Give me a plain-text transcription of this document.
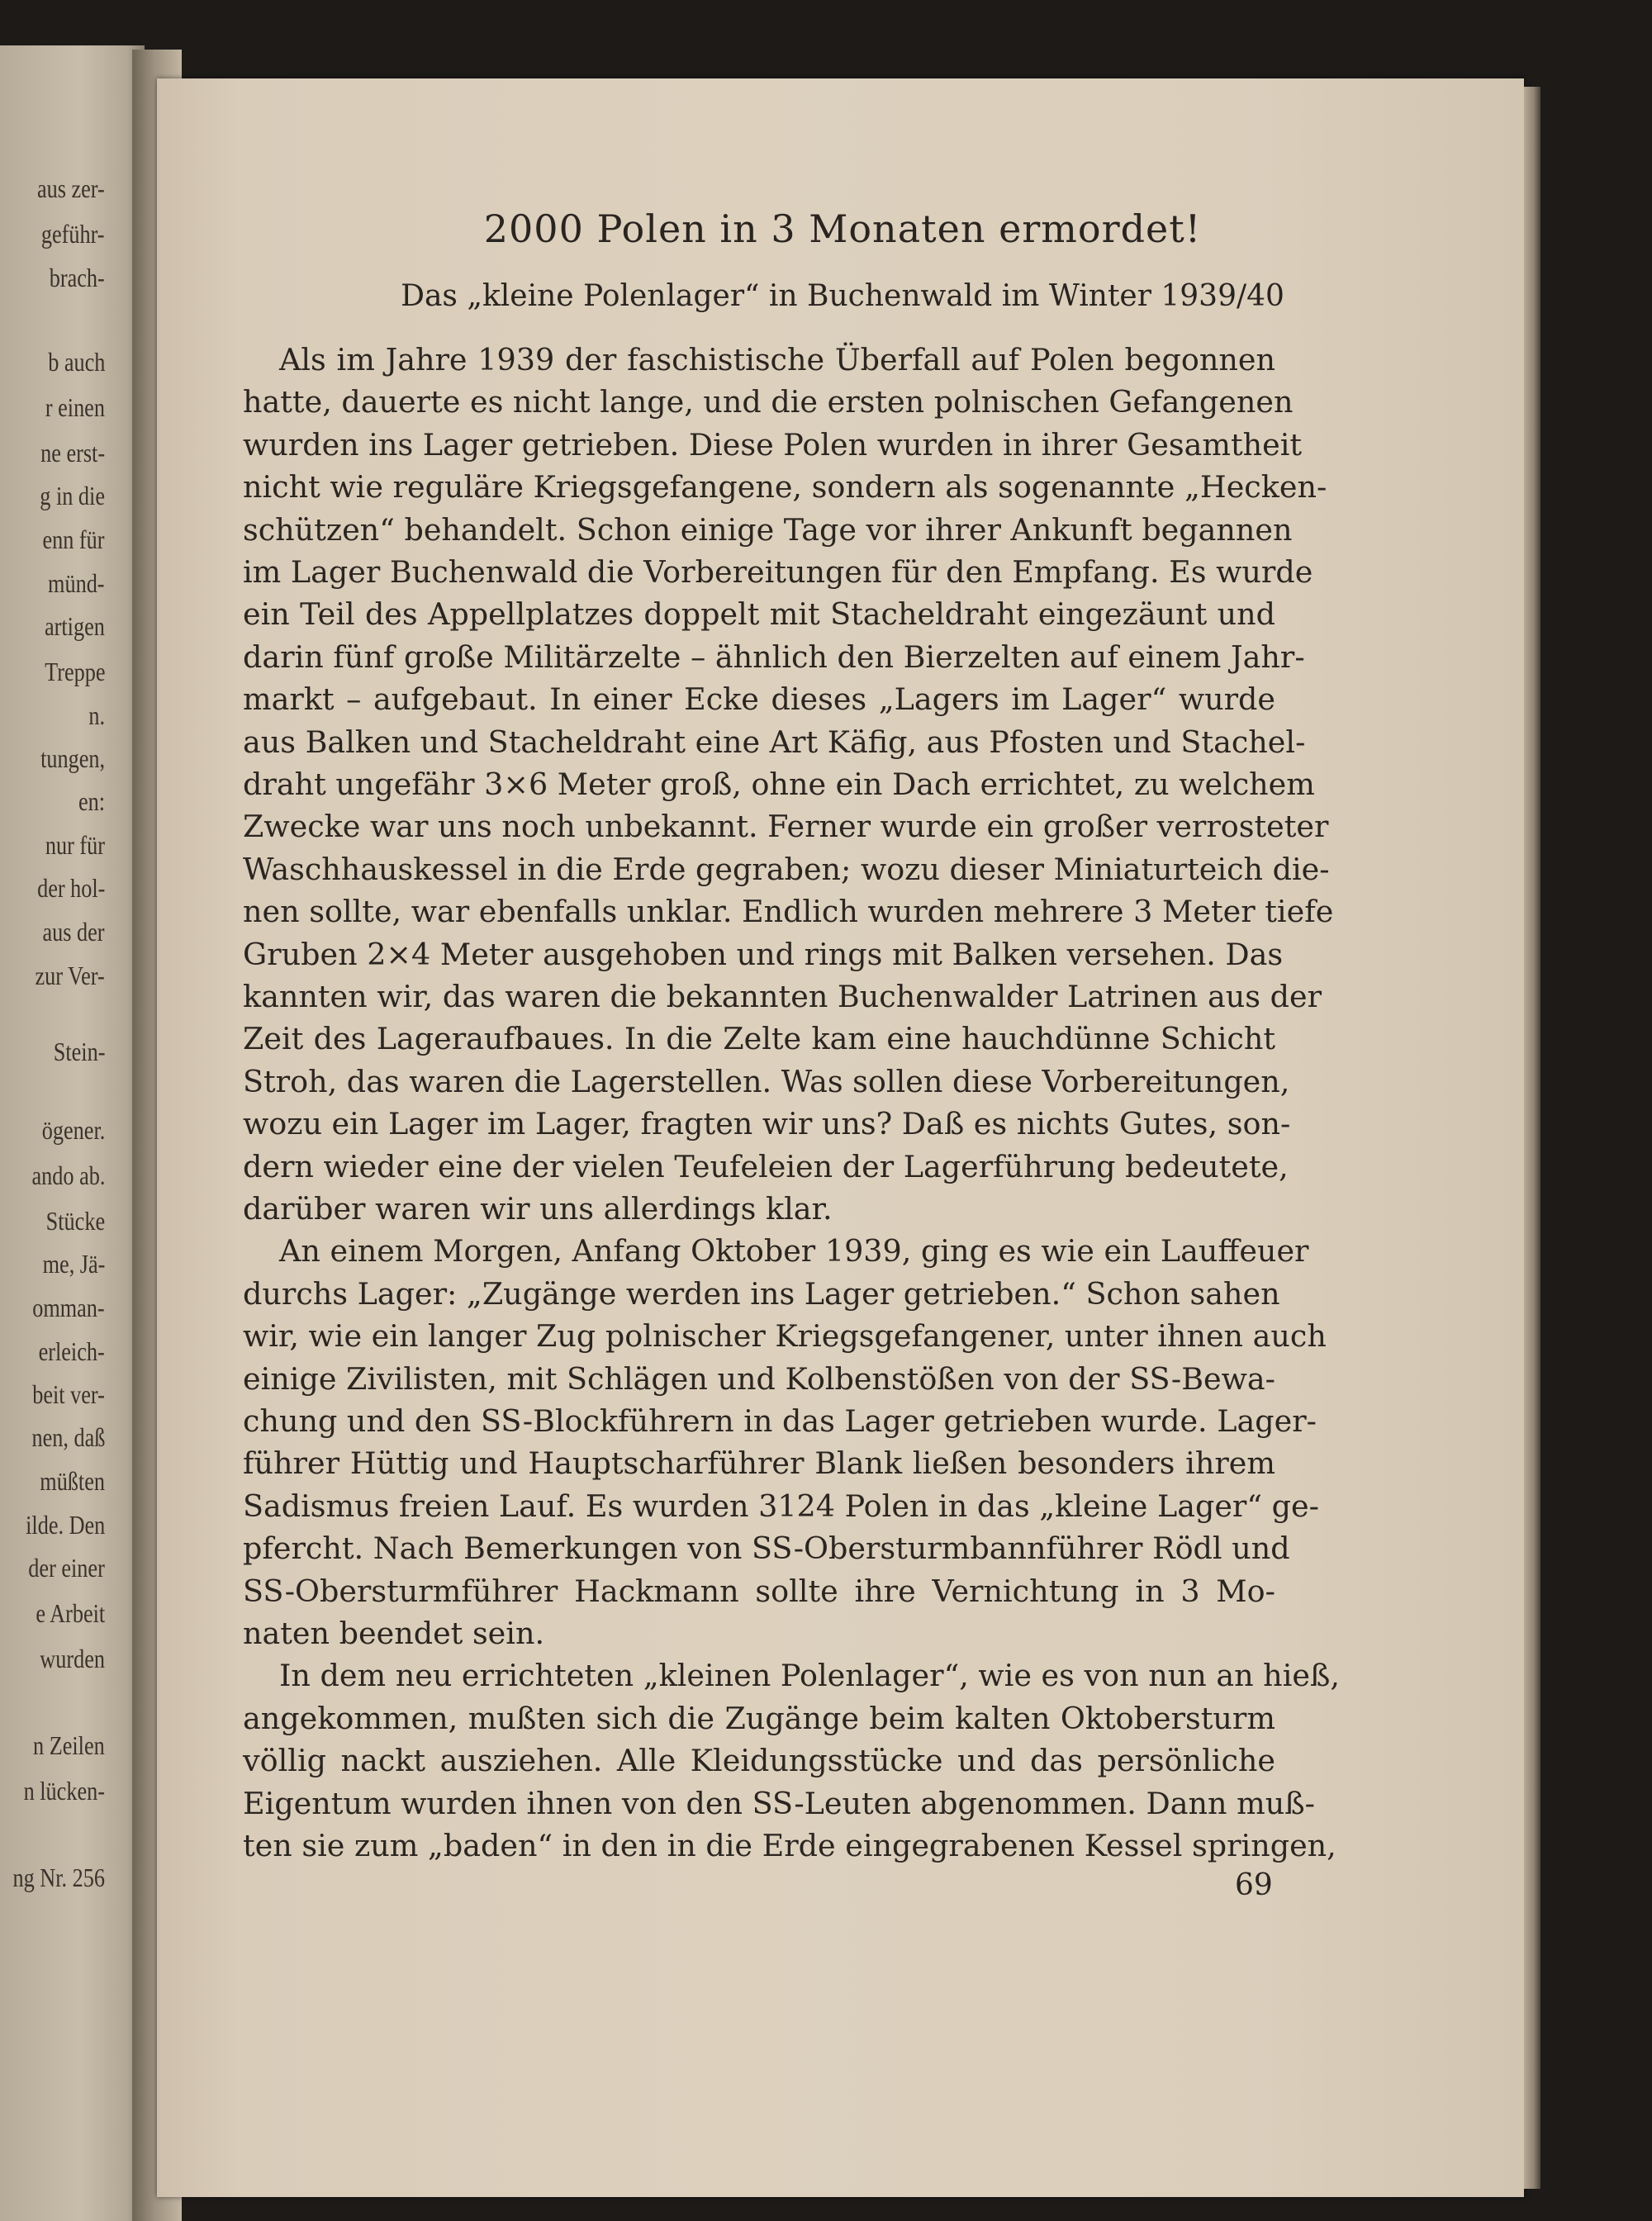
aus zer-
geführ-
brach-
b auch
r einen
ne erst-
g in die
enn für
münd-
artigen
Treppe
n.
tungen,
en:
nur für
der hol-
aus der
zur Ver-
Stein-
ögener.
ando ab.
Stücke
me, Jä-
omman-
erleich-
beit ver-
nen, daß
müßten
ilde. Den
der einer
e Arbeit
wurden
n Zeilen
n lücken-
ng Nr. 256
2000 Polen in 3 Monaten ermordet!
Das „kleine Polenlager“ in Buchenwald im Winter 1939/40
Als im Jahre 1939 der faschistische Überfall auf Polen begonnen
hatte, dauerte es nicht lange, und die ersten polnischen Gefangenen
wurden ins Lager getrieben. Diese Polen wurden in ihrer Gesamtheit
nicht wie reguläre Kriegsgefangene, sondern als sogenannte „Hecken-
schützen“ behandelt. Schon einige Tage vor ihrer Ankunft begannen
im Lager Buchenwald die Vorbereitungen für den Empfang. Es wurde
ein Teil des Appellplatzes doppelt mit Stacheldraht eingezäunt und
darin fünf große Militärzelte – ähnlich den Bierzelten auf einem Jahr-
markt – aufgebaut. In einer Ecke dieses „Lagers im Lager“ wurde
aus Balken und Stacheldraht eine Art Käfig, aus Pfosten und Stachel-
draht ungefähr 3×6 Meter groß, ohne ein Dach errichtet, zu welchem
Zwecke war uns noch unbekannt. Ferner wurde ein großer verrosteter
Waschhauskessel in die Erde gegraben; wozu dieser Miniaturteich die-
nen sollte, war ebenfalls unklar. Endlich wurden mehrere 3 Meter tiefe
Gruben 2×4 Meter ausgehoben und rings mit Balken versehen. Das
kannten wir, das waren die bekannten Buchenwalder Latrinen aus der
Zeit des Lageraufbaues. In die Zelte kam eine hauchdünne Schicht
Stroh, das waren die Lagerstellen. Was sollen diese Vorbereitungen,
wozu ein Lager im Lager, fragten wir uns? Daß es nichts Gutes, son-
dern wieder eine der vielen Teufeleien der Lagerführung bedeutete,
darüber waren wir uns allerdings klar.
An einem Morgen, Anfang Oktober 1939, ging es wie ein Lauffeuer
durchs Lager: „Zugänge werden ins Lager getrieben.“ Schon sahen
wir, wie ein langer Zug polnischer Kriegsgefangener, unter ihnen auch
einige Zivilisten, mit Schlägen und Kolbenstößen von der SS-Bewa-
chung und den SS-Blockführern in das Lager getrieben wurde. Lager-
führer Hüttig und Hauptscharführer Blank ließen besonders ihrem
Sadismus freien Lauf. Es wurden 3124 Polen in das „kleine Lager“ ge-
pfercht. Nach Bemerkungen von SS-Obersturmbannführer Rödl und
SS-Obersturmführer Hackmann sollte ihre Vernichtung in 3 Mo-
naten beendet sein.
In dem neu errichteten „kleinen Polenlager“, wie es von nun an hieß,
angekommen, mußten sich die Zugänge beim kalten Oktobersturm
völlig nackt ausziehen. Alle Kleidungsstücke und das persönliche
Eigentum wurden ihnen von den SS-Leuten abgenommen. Dann muß-
ten sie zum „baden“ in den in die Erde eingegrabenen Kessel springen,
69
